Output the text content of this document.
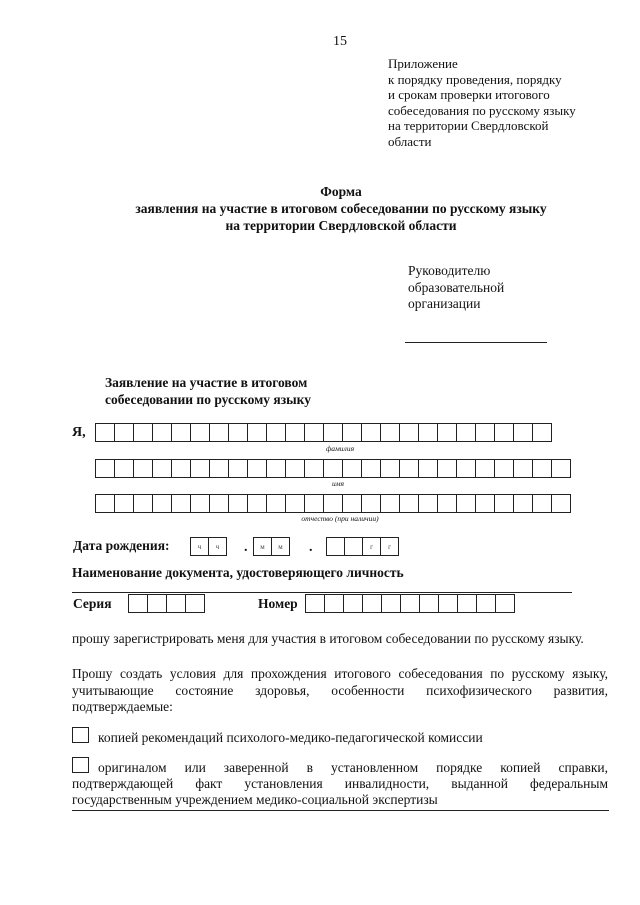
15
Приложение
к порядку проведения, порядку
и срокам проверки итогового
собеседования по русскому языку
на территории Свердловской
области
Форма
заявления на участие в итоговом собеседовании по русскому языку
на территории Свердловской области
Руководителю
образовательной
организации
Заявление на участие в итоговом
собеседовании по русскому языку
Я,
фамилия
имя
отчество (при наличии)
Дата рождения:	ч	ч	.	м	м	.	г	г
Наименование документа, удостоверяющего личность
Серия	Номер
прошу зарегистрировать меня для участия в итоговом собеседовании по русскому языку.
Прошу создать условия для прохождения итогового собеседования по русскому языку, учитывающие состояние здоровья, особенности психофизического развития, подтверждаемые:
копией рекомендаций психолого-медико-педагогической комиссии
оригиналом или заверенной в установленном порядке копией справки, подтверждающей факт установления инвалидности, выданной федеральным государственным учреждением медико-социальной экспертизы
